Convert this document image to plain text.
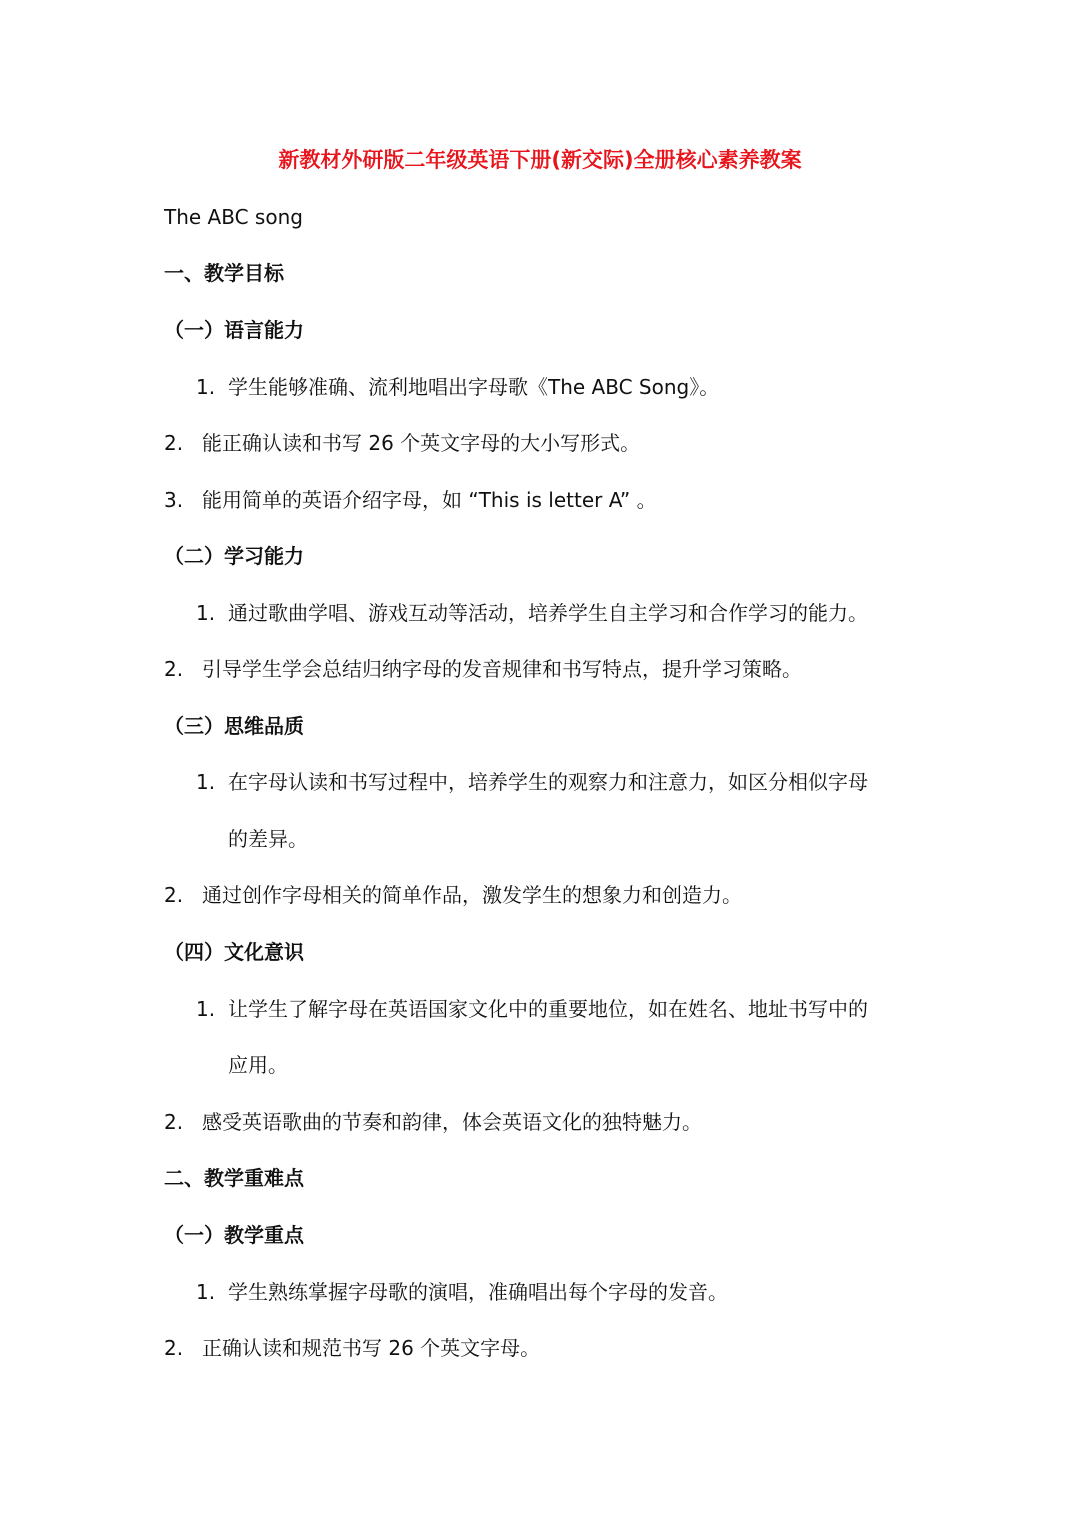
新教材外研版二年级英语下册(新交际)全册核心素养教案
The ABC song
一、教学目标
（一）语言能力
1. 学生能够准确、流利地唱出字母歌《The ABC Song》。
2. 能正确认读和书写 26 个英文字母的大小写形式。
3. 能用简单的英语介绍字母，如 “This is letter A” 。
（二）学习能力
1. 通过歌曲学唱、游戏互动等活动，培养学生自主学习和合作学习的能力。
2. 引导学生学会总结归纳字母的发音规律和书写特点，提升学习策略。
（三）思维品质
1. 在字母认读和书写过程中，培养学生的观察力和注意力，如区分相似字母
的差异。
2. 通过创作字母相关的简单作品，激发学生的想象力和创造力。
（四）文化意识
1. 让学生了解字母在英语国家文化中的重要地位，如在姓名、地址书写中的
应用。
2. 感受英语歌曲的节奏和韵律，体会英语文化的独特魅力。
二、教学重难点
（一）教学重点
1. 学生熟练掌握字母歌的演唱，准确唱出每个字母的发音。
2. 正确认读和规范书写 26 个英文字母。
